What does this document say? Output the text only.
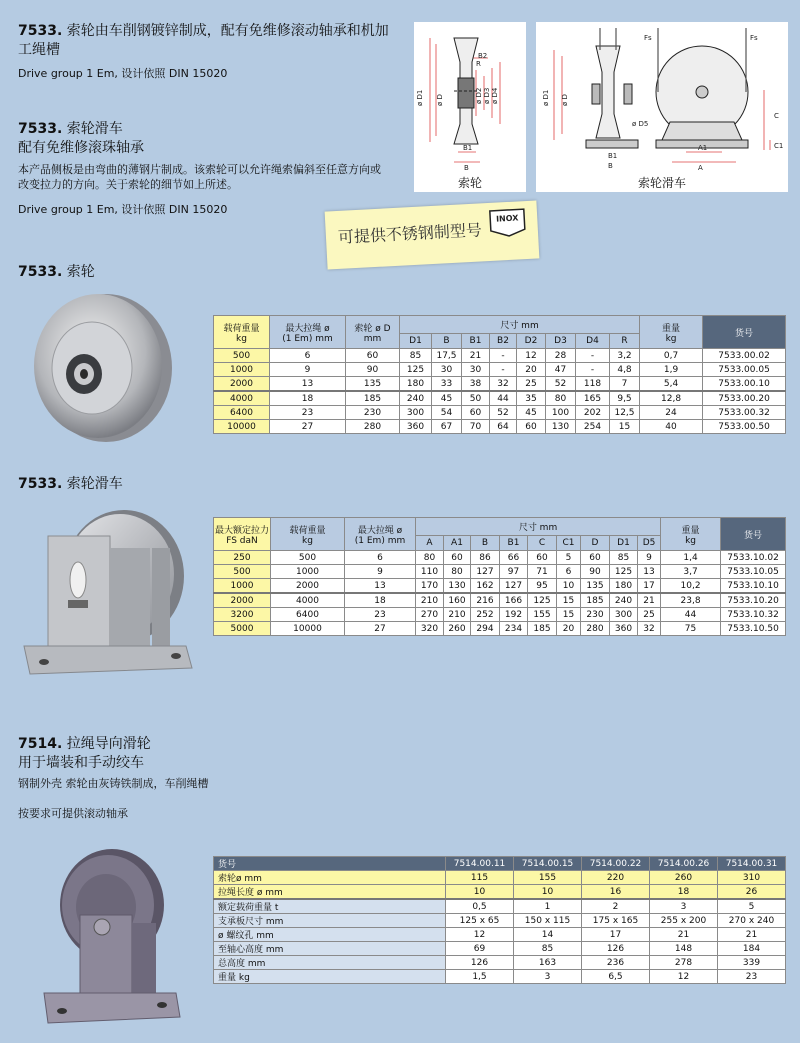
7533. 索轮由车削钢镀锌制成，配有免维修滚动轴承和机加工绳槽
Drive group 1 Em, 设计依照 DIN 15020
7533. 索轮滑车
配有免维修滚珠轴承
本产品侧板是由弯曲的薄钢片制成。该索轮可以允许绳索偏斜至任意方向或
改变拉力的方向。关于索轮的细节如上所述。
Drive group 1 Em, 设计依照 DIN 15020
B2
R
ø D1 ø D	ø D2 ø D3 ø D4
B1
B
索轮
Fs	Fs
ø D1 ø D
ø D5
C
C1
B1
B
A1
A
索轮滑车
可提供不锈钢制型号
INOX
7533. 索轮
载荷重量
kg	最大拉绳 ø
(1 Em) mm	索轮 ø D
mm	尺寸 mm								重量
kg	货号
			D1	B	B1	B2	D2	D3	D4	R		
500	6	60	85	17,5	21	-	12	28	-	3,2	0,7	7533.00.02
1000	9	90	125	30	30	-	20	47	-	4,8	1,9	7533.00.05
2000	13	135	180	33	38	32	25	52	118	7	5,4	7533.00.10
4000	18	185	240	45	50	44	35	80	165	9,5	12,8	7533.00.20
6400	23	230	300	54	60	52	45	100	202	12,5	24	7533.00.32
10000	27	280	360	67	70	64	60	130	254	15	40	7533.00.50
7533. 索轮滑车
最大额定拉力
FS daN	载荷重量
kg	最大拉绳 ø
(1 Em) mm	尺寸 mm									重量
kg	货号
			A	A1	B	B1	C	C1	D	D1	D5		
250	500	6	80	60	86	66	60	5	60	85	9	1,4	7533.10.02
500	1000	9	110	80	127	97	71	6	90	125	13	3,7	7533.10.05
1000	2000	13	170	130	162	127	95	10	135	180	17	10,2	7533.10.10
2000	4000	18	210	160	216	166	125	15	185	240	21	23,8	7533.10.20
3200	6400	23	270	210	252	192	155	15	230	300	25	44	7533.10.32
5000	10000	27	320	260	294	234	185	20	280	360	32	75	7533.10.50
7514. 拉绳导向滑轮
用于墙装和手动绞车
钢制外壳 索轮由灰铸铁制成，车削绳槽
按要求可提供滚动轴承
货号	7514.00.11	7514.00.15	7514.00.22	7514.00.26	7514.00.31
索轮ø mm	115	155	220	260	310
拉绳长度 ø mm	10	10	16	18	26
额定载荷重量 t	0,5	1	2	3	5
支承板尺寸 mm	125 x 65	150 x 115	175 x 165	255 x 200	270 x 240
ø 螺纹孔 mm	12	14	17	21	21
至轴心高度 mm	69	85	126	148	184
总高度 mm	126	163	236	278	339
重量 kg	1,5	3	6,5	12	23
